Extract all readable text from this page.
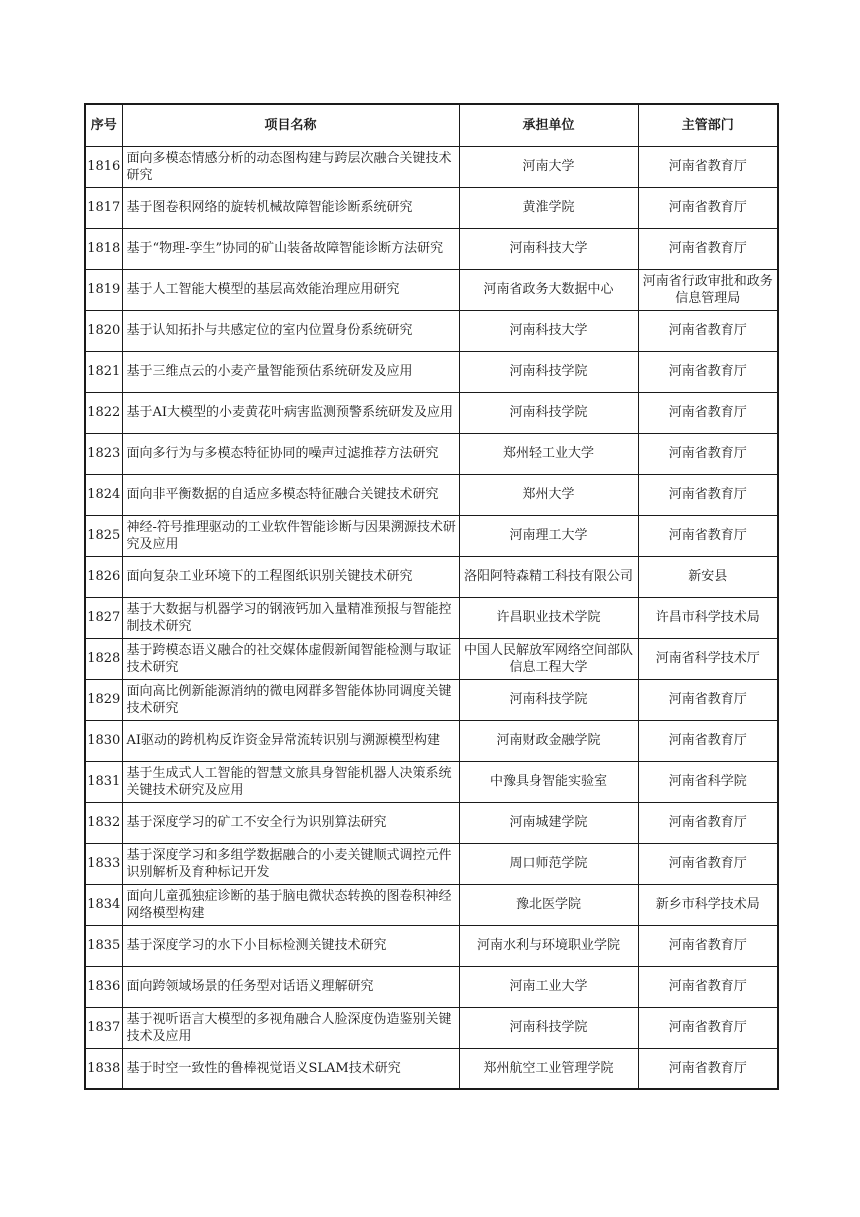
序号	项目名称	承担单位	主管部门
1816	面向多模态情感分析的动态图构建与跨层次融合关键技术研究	河南大学	河南省教育厅
1817	基于图卷积网络的旋转机械故障智能诊断系统研究	黄淮学院	河南省教育厅
1818	基于“物理-孪生”协同的矿山装备故障智能诊断方法研究	河南科技大学	河南省教育厅
1819	基于人工智能大模型的基层高效能治理应用研究	河南省政务大数据中心	河南省行政审批和政务信息管理局
1820	基于认知拓扑与共感定位的室内位置身份系统研究	河南科技大学	河南省教育厅
1821	基于三维点云的小麦产量智能预估系统研发及应用	河南科技学院	河南省教育厅
1822	基于AI大模型的小麦黄花叶病害监测预警系统研发及应用	河南科技学院	河南省教育厅
1823	面向多行为与多模态特征协同的噪声过滤推荐方法研究	郑州轻工业大学	河南省教育厅
1824	面向非平衡数据的自适应多模态特征融合关键技术研究	郑州大学	河南省教育厅
1825	神经-符号推理驱动的工业软件智能诊断与因果溯源技术研究及应用	河南理工大学	河南省教育厅
1826	面向复杂工业环境下的工程图纸识别关键技术研究	洛阳阿特森精工科技有限公司	新安县
1827	基于大数据与机器学习的钢液钙加入量精准预报与智能控制技术研究	许昌职业技术学院	许昌市科学技术局
1828	基于跨模态语义融合的社交媒体虚假新闻智能检测与取证技术研究	中国人民解放军网络空间部队信息工程大学	河南省科学技术厅
1829	面向高比例新能源消纳的微电网群多智能体协同调度关键技术研究	河南科技学院	河南省教育厅
1830	AI驱动的跨机构反诈资金异常流转识别与溯源模型构建	河南财政金融学院	河南省教育厅
1831	基于生成式人工智能的智慧文旅具身智能机器人决策系统关键技术研究及应用	中豫具身智能实验室	河南省科学院
1832	基于深度学习的矿工不安全行为识别算法研究	河南城建学院	河南省教育厅
1833	基于深度学习和多组学数据融合的小麦关键顺式调控元件识别解析及育种标记开发	周口师范学院	河南省教育厅
1834	面向儿童孤独症诊断的基于脑电微状态转换的图卷积神经网络模型构建	豫北医学院	新乡市科学技术局
1835	基于深度学习的水下小目标检测关键技术研究	河南水利与环境职业学院	河南省教育厅
1836	面向跨领域场景的任务型对话语义理解研究	河南工业大学	河南省教育厅
1837	基于视听语言大模型的多视角融合人脸深度伪造鉴别关键技术及应用	河南科技学院	河南省教育厅
1838	基于时空一致性的鲁棒视觉语义SLAM技术研究	郑州航空工业管理学院	河南省教育厅
